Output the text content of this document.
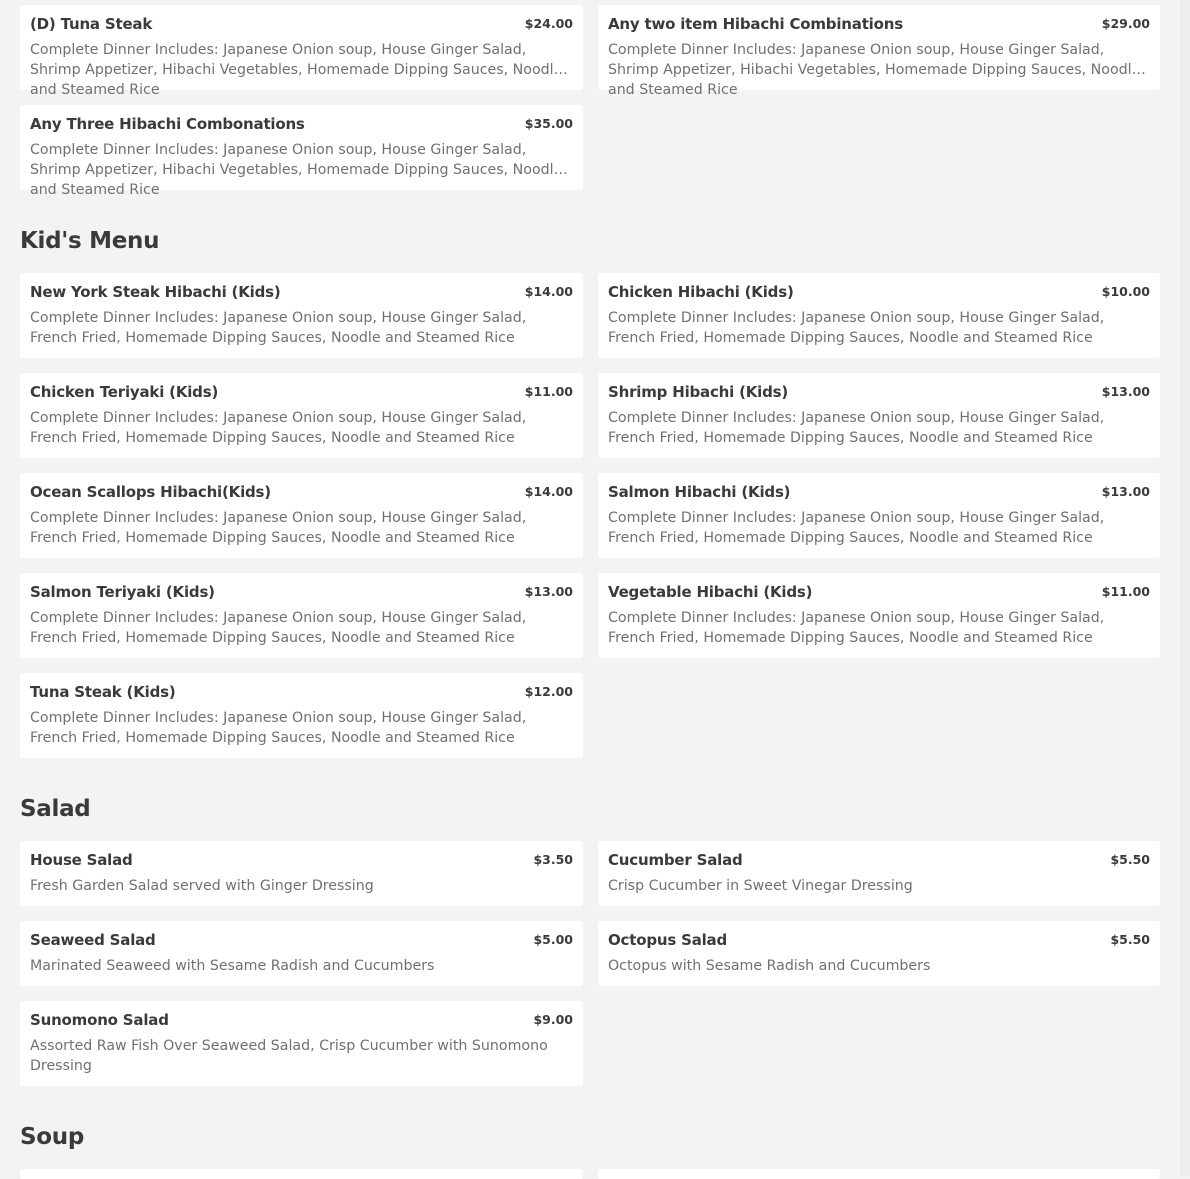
(D) Tuna Steak	$24.00
Complete Dinner Includes: Japanese Onion soup, House Ginger Salad, Shrimp Appetizer, Hibachi Vegetables, Homemade Dipping Sauces, Noodle and Steamed Rice
Any two item Hibachi Combinations	$29.00
Complete Dinner Includes: Japanese Onion soup, House Ginger Salad, Shrimp Appetizer, Hibachi Vegetables, Homemade Dipping Sauces, Noodle and Steamed Rice
Any Three Hibachi Combonations	$35.00
Complete Dinner Includes: Japanese Onion soup, House Ginger Salad, Shrimp Appetizer, Hibachi Vegetables, Homemade Dipping Sauces, Noodle and Steamed Rice
Kid's Menu
New York Steak Hibachi (Kids)	$14.00
Complete Dinner Includes: Japanese Onion soup, House Ginger Salad, French Fried, Homemade Dipping Sauces, Noodle and Steamed Rice
Chicken Hibachi (Kids)	$10.00
Complete Dinner Includes: Japanese Onion soup, House Ginger Salad, French Fried, Homemade Dipping Sauces, Noodle and Steamed Rice
Chicken Teriyaki (Kids)	$11.00
Complete Dinner Includes: Japanese Onion soup, House Ginger Salad, French Fried, Homemade Dipping Sauces, Noodle and Steamed Rice
Shrimp Hibachi (Kids)	$13.00
Complete Dinner Includes: Japanese Onion soup, House Ginger Salad, French Fried, Homemade Dipping Sauces, Noodle and Steamed Rice
Ocean Scallops Hibachi(Kids)	$14.00
Complete Dinner Includes: Japanese Onion soup, House Ginger Salad, French Fried, Homemade Dipping Sauces, Noodle and Steamed Rice
Salmon Hibachi (Kids)	$13.00
Complete Dinner Includes: Japanese Onion soup, House Ginger Salad, French Fried, Homemade Dipping Sauces, Noodle and Steamed Rice
Salmon Teriyaki (Kids)	$13.00
Complete Dinner Includes: Japanese Onion soup, House Ginger Salad, French Fried, Homemade Dipping Sauces, Noodle and Steamed Rice
Vegetable Hibachi (Kids)	$11.00
Complete Dinner Includes: Japanese Onion soup, House Ginger Salad, French Fried, Homemade Dipping Sauces, Noodle and Steamed Rice
Tuna Steak (Kids)	$12.00
Complete Dinner Includes: Japanese Onion soup, House Ginger Salad, French Fried, Homemade Dipping Sauces, Noodle and Steamed Rice
Salad
House Salad	$3.50
Fresh Garden Salad served with Ginger Dressing
Cucumber Salad	$5.50
Crisp Cucumber in Sweet Vinegar Dressing
Seaweed Salad	$5.00
Marinated Seaweed with Sesame Radish and Cucumbers
Octopus Salad	$5.50
Octopus with Sesame Radish and Cucumbers
Sunomono Salad	$9.00
Assorted Raw Fish Over Seaweed Salad, Crisp Cucumber with Sunomono Dressing
Soup
